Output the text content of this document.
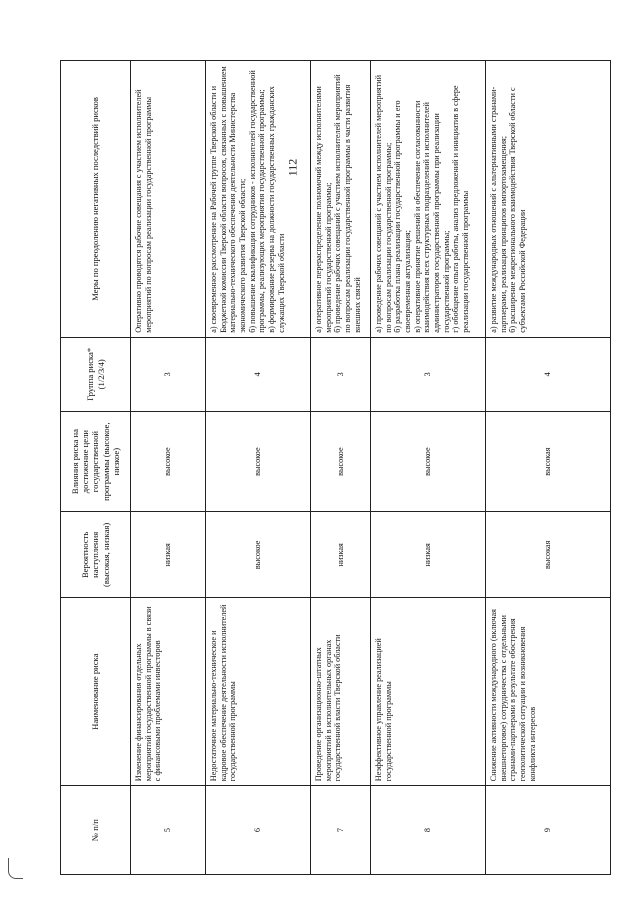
112
№ п/п	Наименование риска	Вероятность наступления (высокая, низкая)	Влияния риска на достижение цели государственной программы (высокое, низкое)	Группа риска* (1/2/3/4)	Меры по преодолению негативных последствий рисков
5	Изменение финансирования отдельных мероприятий государственной программы в связи с финансовыми проблемами инвесторов	низкая	высокое	3	Оперативно проводятся рабочие совещания с участием исполнителей мероприятий по вопросам реализации государственной программы

6	Недостаточное материально-техническое и кадровое обеспечение деятельности исполнителей государственной программы	высокое	высокое	4	а) своевременное рассмотрение на Рабочей группе Тверской области и Бюджетной комиссии Тверской области вопросов, связанных с повышением материально-технического обеспечения деятельности Министерства экономического развития Тверской области; б) повышение квалификации сотрудников - исполнителей государственной программы, реализующих мероприятия государственной программы; в) формирование резерва на должности государственных гражданских служащих Тверской области

7	Проведение организационно-штатных мероприятий в исполнительных органах государственной власти Тверской области	низкая	высокое	3	а) оперативное перераспределение полномочий между исполнителями мероприятий государственной программы; б) проведение рабочих совещаний с участием исполнителей мероприятий по вопросам реализации государственной программы в части развития внешних связей

8	Неэффективное управление реализацией государственной программы	низкая	высокое	3	а) проведение рабочих совещаний с участием исполнителей мероприятий по вопросам реализации государственной программы; б) разработка плана реализации государственной программы и его своевременная актуализация; в) оперативное принятие решений и обеспечение согласованности взаимодействия всех структурных подразделений и исполнителей администраторов государственной программы при реализации государственной программы; г) обобщение опыта работы, анализ предложений и инициатив в сфере реализации государственной программы

9	Снижение активности международного (включая внешнеторговое) сотрудничества с отдельными странами-партнерами в результате обострения геополитической ситуации и возникновения конфликта интересов	высокая	высокая	4	а) развитие международных отношений с альтернативными странами-партнерами, реализация принципов импортозамещения; б) расширение межрегионального взаимодействия Тверской области с субъектами Российской Федерации
